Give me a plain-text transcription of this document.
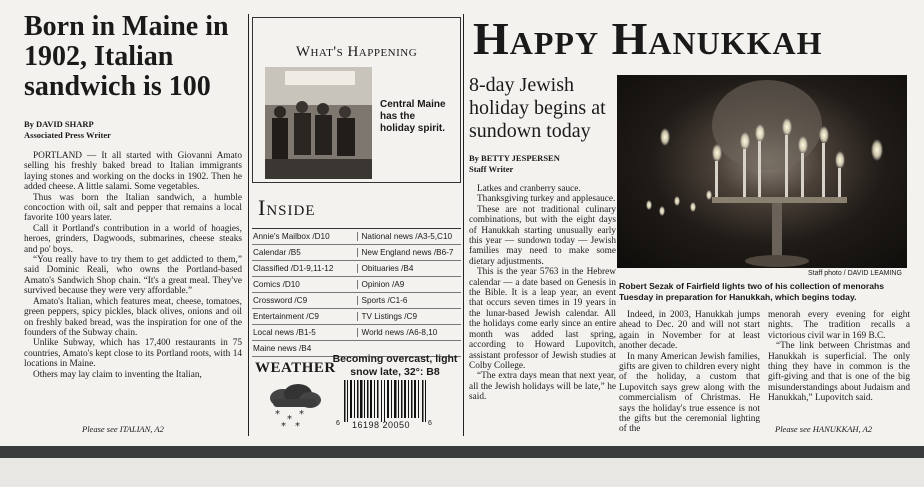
Born in Maine in 1902, Italian sandwich is 100
By DAVID SHARP
Associated Press Writer

PORTLAND — It all started with Giovanni Amato selling his freshly baked bread to Italian immigrants laying stones and working on the docks in 1902. Then he added cheese. A little salami. Some vegetables.

Thus was born the Italian sandwich, a humble concoction with oil, salt and pepper that remains a local favorite 100 years later.

Call it Portland's contribution in a world of hoagies, heroes, grinders, Dagwoods, submarines, cheese steaks and po' boys.

“You really have to try them to get addicted to them,” said Dominic Reali, who owns the Portland-based Amato's Sandwich Shop chain. “It's a great meal. They've survived because they were very affordable.”

Amato's Italian, which features meat, cheese, tomatoes, green peppers, spicy pickles, black olives, onions and oil on freshly baked bread, was the inspiration for one of the founders of the Subway chain.

Unlike Subway, which has 17,400 restaurants in 75 countries, Amato's kept close to its Portland roots, with 14 locations in Maine.

Others may lay claim to inventing the Italian,

Please see ITALIAN, A2
What's Happening
Central Maine has the holiday spirit.
Inside
Annie's Mailbox /D10	National news /A3-5,C10
Calendar /B5	New England news /B6-7
Classified /D1-9,11-12	Obituaries /B4
Comics /D10	Opinion /A9
Crossword /C9	Sports /C1-6
Entertainment /C9	TV Listings /C9
Local news /B1-5	World news /A6-8,10
Maine news /B4
WEATHER
Becoming overcast, light snow late, 32°: B8
* * *
* *	6 16198 20050	6
Happy Hanukkah
8-day Jewish holiday begins at sundown today
By BETTY JESPERSEN
Staff Writer

Latkes and cranberry sauce.

Thanksgiving turkey and applesauce.

These are not traditional culinary combinations, but with the eight days of Hanukkah starting unusually early this year — sundown today — Jewish families may need to make some dietary adjustments.

This is the year 5763 in the Hebrew calendar — a date based on Genesis in the Bible. It is a leap year, an event that occurs seven times in 19 years in the lunar-based Jewish calendar. All the holidays come early since an entire month was added last spring, according to Howard Lupovitch, assistant professor of Jewish studies at Colby College.

“The extra days mean that next year, all the Jewish holidays will be late,” he said.

Staff photo / DAVID LEAMING
Robert Sezak of Fairfield lights two of his collection of menorahs Tuesday in preparation for Hanukkah, which begins today.

Indeed, in 2003, Hanukkah jumps ahead to Dec. 20 and will not start again in November for at least another decade.

In many American Jewish families, gifts are given to children every night of the holiday, a custom that Lupovitch says grew along with the commercialism of Christmas. He says the holiday's true essence is not the gifts but the ceremonial lighting of the

menorah every evening for eight nights. The tradition recalls a victorious civil war in 169 B.C.

“The link between Christmas and Hanukkah is superficial. The only thing they have in common is the gift-giving and that is one of the big misunderstandings about Judaism and Hanukkah,” Lupovitch said.

Please see HANUKKAH, A2
